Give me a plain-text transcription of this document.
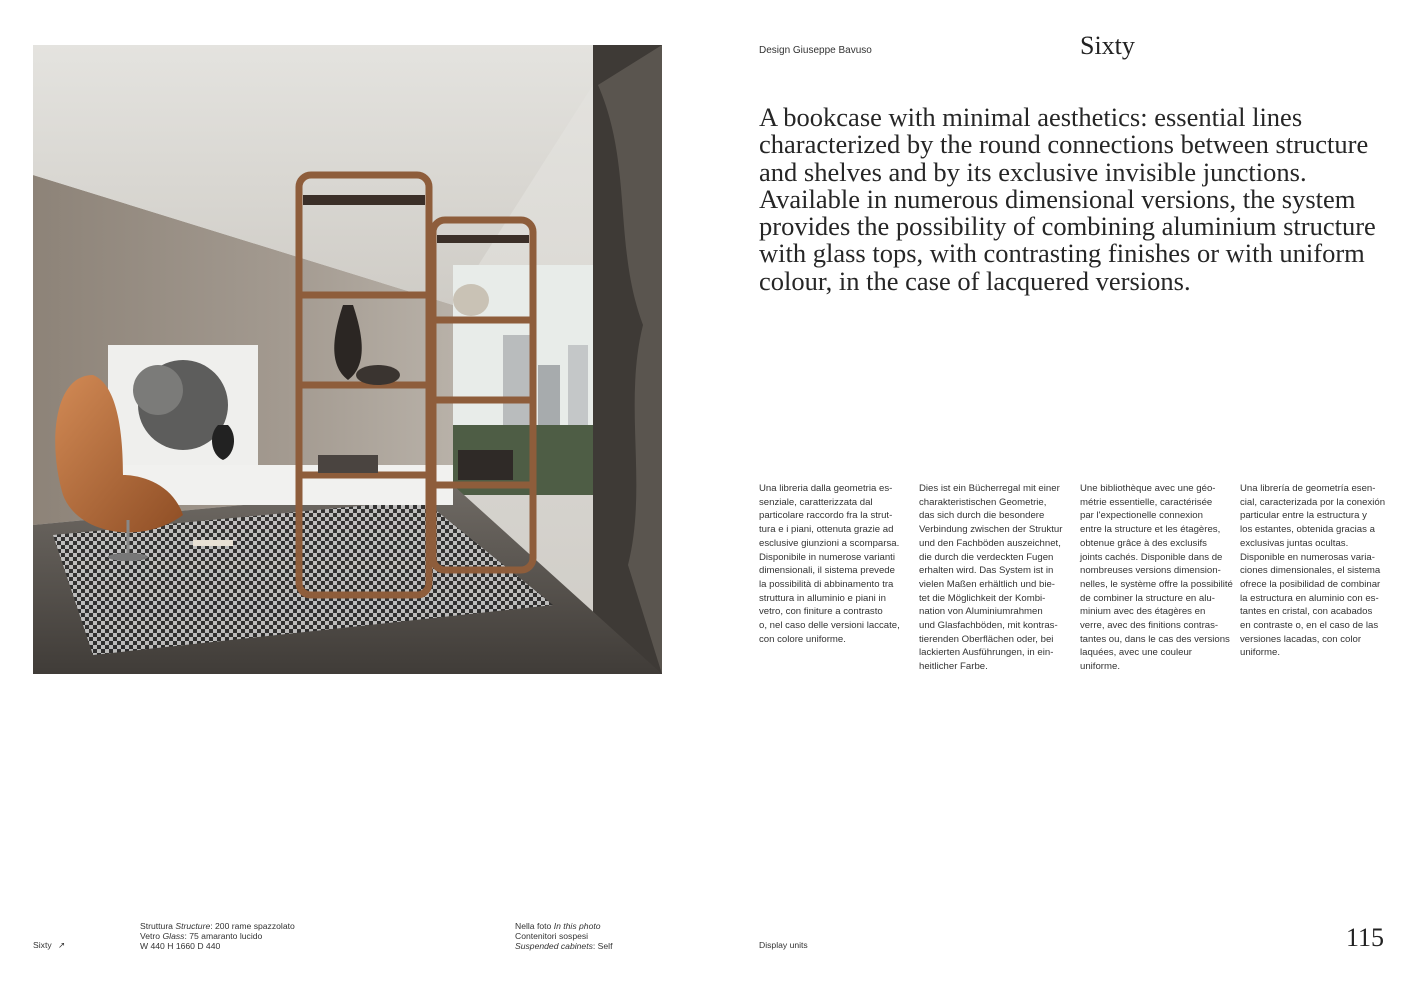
Design Giuseppe Bavuso	Sixty
A bookcase with minimal aesthetics: essential lines
characterized by the round connections between structure
and shelves and by its exclusive invisible junctions.
Available in numerous dimensional versions, the system
provides the possibility of combining aluminium structure
with glass tops, with contrasting finishes or with uniform
colour, in the case of lacquered versions.
Una libreria dalla geometria es-
senziale, caratterizzata dal
particolare raccordo fra la strut-
tura e i piani, ottenuta grazie ad
esclusive giunzioni a scomparsa.
Disponibile in numerose varianti
dimensionali, il sistema prevede
la possibilità di abbinamento tra
struttura in alluminio e piani in
vetro, con finiture a contrasto
o, nel caso delle versioni laccate,
con colore uniforme.
Dies ist ein Bücherregal mit einer
charakteristischen Geometrie,
das sich durch die besondere
Verbindung zwischen der Struktur
und den Fachböden auszeichnet,
die durch die verdeckten Fugen
erhalten wird. Das System ist in
vielen Maßen erhältlich und bie-
tet die Möglichkeit der Kombi-
nation von Aluminiumrahmen
und Glasfachböden, mit kontras-
tierenden Oberflächen oder, bei
lackierten Ausführungen, in ein-
heitlicher Farbe.
Une bibliothèque avec une géo-
métrie essentielle, caractérisée
par l'expectionelle connexion
entre la structure et les étagères,
obtenue grâce à des exclusifs
joints cachés. Disponible dans de
nombreuses versions dimension-
nelles, le système offre la possibilité
de combiner la structure en alu-
minium avec des étagères en
verre, avec des finitions contras-
tantes ou, dans le cas des versions
laquées, avec une couleur
uniforme.
Una librería de geometría esen-
cial, caracterizada por la conexión
particular entre la estructura y
los estantes, obtenida gracias a
exclusivas juntas ocultas.
Disponible en numerosas varia-
ciones dimensionales, el sistema
ofrece la posibilidad de combinar
la estructura en aluminio con es-
tantes en cristal, con acabados
en contraste o, en el caso de las
versiones lacadas, con color
uniforme.
Sixty ↗
Struttura Structure: 200 rame spazzolato
Vetro Glass: 75 amaranto lucido
W 440 H 1660 D 440
Nella foto In this photo
Contenitori sospesi
Suspended cabinets: Self	Display units	115
